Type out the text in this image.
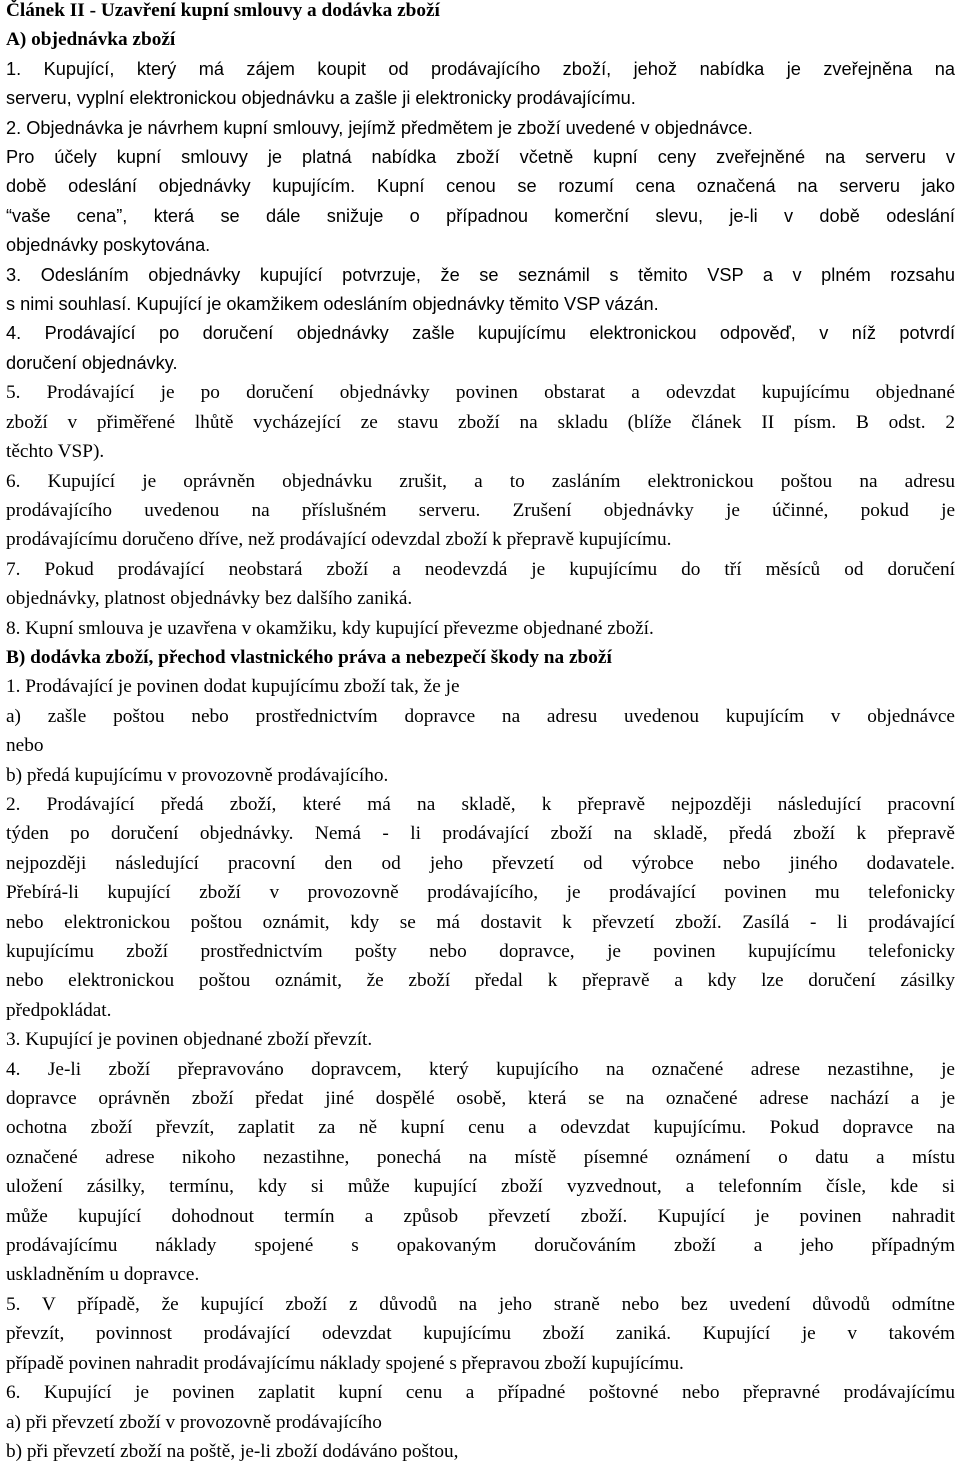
Článek II - Uzavření kupní smlouvy a dodávka zboží

A) objednávka zboží

1. Kupující, který má zájem koupit od prodávajícího zboží, jehož nabídka je zveřejněna na

serveru, vyplní elektronickou objednávku a zašle ji elektronicky prodávajícímu.

2. Objednávka je návrhem kupní smlouvy, jejímž předmětem je zboží uvedené v objednávce.

Pro účely kupní smlouvy je platná nabídka zboží včetně kupní ceny zveřejněné na serveru v

době odeslání objednávky kupujícím. Kupní cenou se rozumí cena označená na serveru jako

“vaše cena”, která se dále snižuje o případnou komerční slevu, je-li v době odeslání

objednávky poskytována.

3. Odesláním objednávky kupující potvrzuje, že se seznámil s těmito VSP a v plném rozsahu

s nimi souhlasí. Kupující je okamžikem odesláním objednávky těmito VSP vázán.

4. Prodávající po doručení objednávky zašle kupujícímu elektronickou odpověď, v níž potvrdí

doručení objednávky.

5. Prodávající je po doručení objednávky povinen obstarat a odevzdat kupujícímu objednané

zboží v přiměřené lhůtě vycházející ze stavu zboží na skladu (blíže článek II písm. B odst. 2

těchto VSP).

6. Kupující je oprávněn objednávku zrušit, a to zasláním elektronickou poštou na adresu

prodávajícího uvedenou na příslušném serveru. Zrušení objednávky je účinné, pokud je

prodávajícímu doručeno dříve, než prodávající odevzdal zboží k přepravě kupujícímu.

7. Pokud prodávající neobstará zboží a neodevzdá je kupujícímu do tří měsíců od doručení

objednávky, platnost objednávky bez dalšího zaniká.

8. Kupní smlouva je uzavřena v okamžiku, kdy kupující převezme objednané zboží.

B) dodávka zboží, přechod vlastnického práva a nebezpečí škody na zboží

1. Prodávající je povinen dodat kupujícímu zboží tak, že je

a) zašle poštou nebo prostřednictvím dopravce na adresu uvedenou kupujícím v objednávce

nebo

b) předá kupujícímu v provozovně prodávajícího.

2. Prodávající předá zboží, které má na skladě, k přepravě nejpozději následující pracovní

týden po doručení objednávky. Nemá - li prodávající zboží na skladě, předá zboží k přepravě

nejpozději následující pracovní den od jeho převzetí od výrobce nebo jiného dodavatele.

Přebírá-li kupující zboží v provozovně prodávajícího, je prodávající povinen mu telefonicky

nebo elektronickou poštou oznámit, kdy se má dostavit k převzetí zboží. Zasílá - li prodávající

kupujícímu zboží prostřednictvím pošty nebo dopravce, je povinen kupujícímu telefonicky

nebo elektronickou poštou oznámit, že zboží předal k přepravě a kdy lze doručení zásilky

předpokládat.

3. Kupující je povinen objednané zboží převzít.

4. Je-li zboží přepravováno dopravcem, který kupujícího na označené adrese nezastihne, je

dopravce oprávněn zboží předat jiné dospělé osobě, která se na označené adrese nachází a je

ochotna zboží převzít, zaplatit za ně kupní cenu a odevzdat kupujícímu. Pokud dopravce na

označené adrese nikoho nezastihne, ponechá na místě písemné oznámení o datu a místu

uložení zásilky, termínu, kdy si může kupující zboží vyzvednout, a telefonním čísle, kde si

může kupující dohodnout termín a způsob převzetí zboží. Kupující je povinen nahradit

prodávajícímu náklady spojené s opakovaným doručováním zboží a jeho případným

uskladněním u dopravce.

5. V případě, že kupující zboží z důvodů na jeho straně nebo bez uvedení důvodů odmítne

převzít, povinnost prodávající odevzdat kupujícímu zboží zaniká. Kupující je v takovém

případě povinen nahradit prodávajícímu náklady spojené s přepravou zboží kupujícímu.

6. Kupující je povinen zaplatit kupní cenu a případné poštovné nebo přepravné prodávajícímu

a) při převzetí zboží v provozovně prodávajícího

b) při převzetí zboží na poště, je-li zboží dodáváno poštou,
